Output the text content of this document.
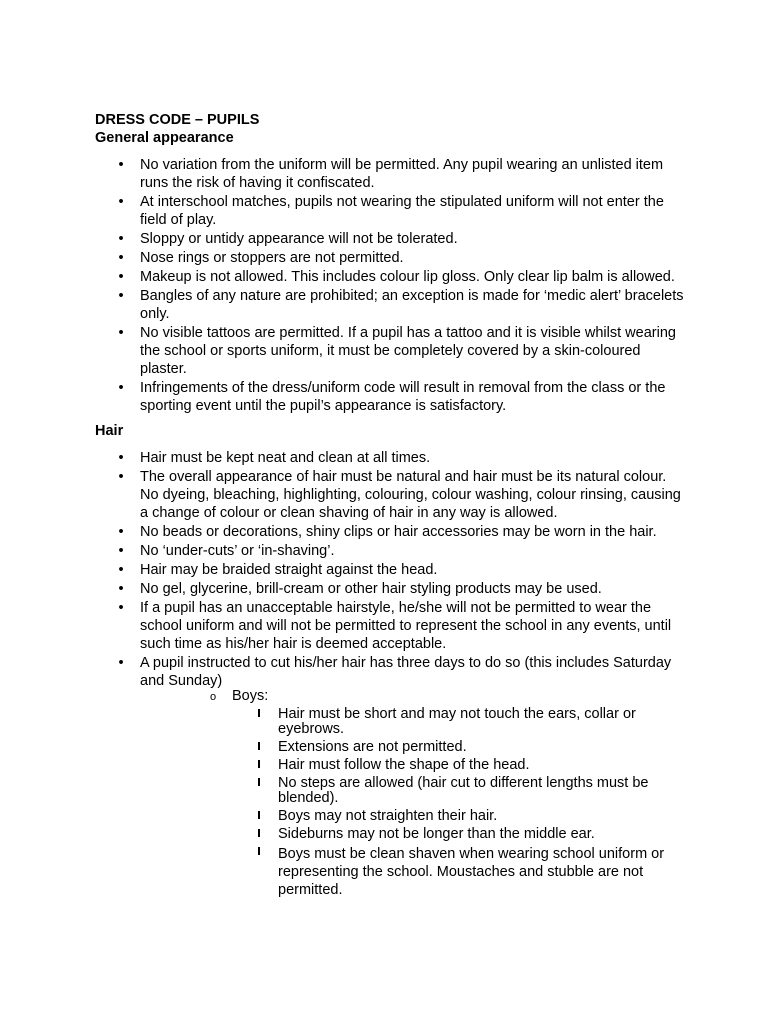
DRESS CODE – PUPILS

General appearance

• No variation from the uniform will be permitted. Any pupil wearing an unlisted item runs the risk of having it confiscated.
• At interschool matches, pupils not wearing the stipulated uniform will not enter the field of play.
• Sloppy or untidy appearance will not be tolerated.
• Nose rings or stoppers are not permitted.
• Makeup is not allowed. This includes colour lip gloss. Only clear lip balm is allowed.
• Bangles of any nature are prohibited; an exception is made for ‘medic alert’ bracelets only.
• No visible tattoos are permitted. If a pupil has a tattoo and it is visible whilst wearing the school or sports uniform, it must be completely covered by a skin-coloured plaster.
• Infringements of the dress/uniform code will result in removal from the class or the sporting event until the pupil’s appearance is satisfactory.

Hair

• Hair must be kept neat and clean at all times.
• The overall appearance of hair must be natural and hair must be its natural colour. No dyeing, bleaching, highlighting, colouring, colour washing, colour rinsing, causing a change of colour or clean shaving of hair in any way is allowed.
• No beads or decorations, shiny clips or hair accessories may be worn in the hair.
• No ‘under-cuts’ or ‘in-shaving’.
• Hair may be braided straight against the head.
• No gel, glycerine, brill-cream or other hair styling products may be used.
• If a pupil has an unacceptable hairstyle, he/she will not be permitted to wear the school uniform and will not be permitted to represent the school in any events, until such time as his/her hair is deemed acceptable.
• A pupil instructed to cut his/her hair has three days to do so (this includes Saturday and Sunday)
o Boys:
Hair must be short and may not touch the ears, collar or eyebrows.
Extensions are not permitted.
Hair must follow the shape of the head.
No steps are allowed (hair cut to different lengths must be blended).
Boys may not straighten their hair.
Sideburns may not be longer than the middle ear.
Boys must be clean shaven when wearing school uniform or representing the school. Moustaches and stubble are not permitted.
